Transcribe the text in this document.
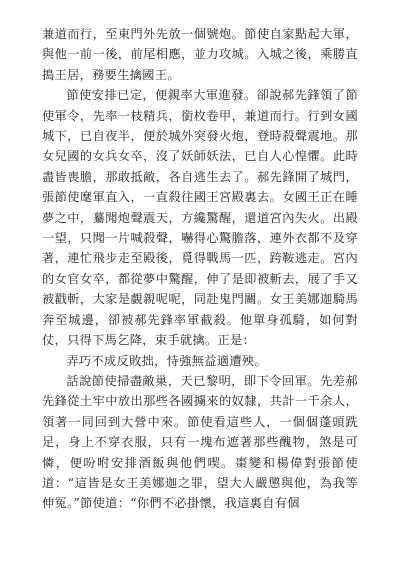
兼道而行，至東門外先放一個號炮。節使自家點起大軍，與他一前一後，前尾相應，並力攻城。入城之後，乘勝直搗王居，務要生擒國王。

節使安排已定，便親率大軍進發。卻說郝先鋒領了節使軍令，先率一枝精兵，銜枚卷甲，兼道而行。行到女國城下，已自夜半，便於城外突發火炮，登時殺聲震地。那女兒國的女兵女卒，沒了妖師妖法，已自人心惶懼。此時盡皆喪膽，那敢抵敵，各自逃生去了。郝先鋒開了城門，張節使麾軍直入，一直殺往國王宮殿裏去。女國王正在睡夢之中，驀聞炮聲震天，方纔驚醒，還道宮內失火。出殿一望，只聞一片喊殺聲，嚇得心驚膽落，連外衣都不及穿著，連忙飛步走至殿後，覓得戰馬一匹，跨鞍逃走。宮內的女官女卒，都從夢中驚醒，伸了是即被斬去，展了手又被戳斬，大家是覷親呢呢，同赴鬼門關。女王美娜迦騎馬奔至城邊，卻被郝先鋒率軍截殺。他單身孤騎，如何對仗，只得下馬乞降，束手就擒。正是：

弄巧不成反敗拙，恃強無益適遭殃。

話說節使掃盡敵巢，天已黎明，即下令回軍。先差郝先鋒從土牢中放出那些各國擄來的奴隸，共計一千余人，領著一同回到大營中來。節使看這些人，一個個蓬頭跣足，身上不穿衣服，只有一塊布遮著那些醜物，煞是可憐，便吩咐安排酒飯與他們喫。棗變和楊偉對張節使道：“這皆是女王美娜迦之罪，望大人嚴懲與他，為我等伸冤。”節使道：“你們不必掛懷，我這裏自有個
